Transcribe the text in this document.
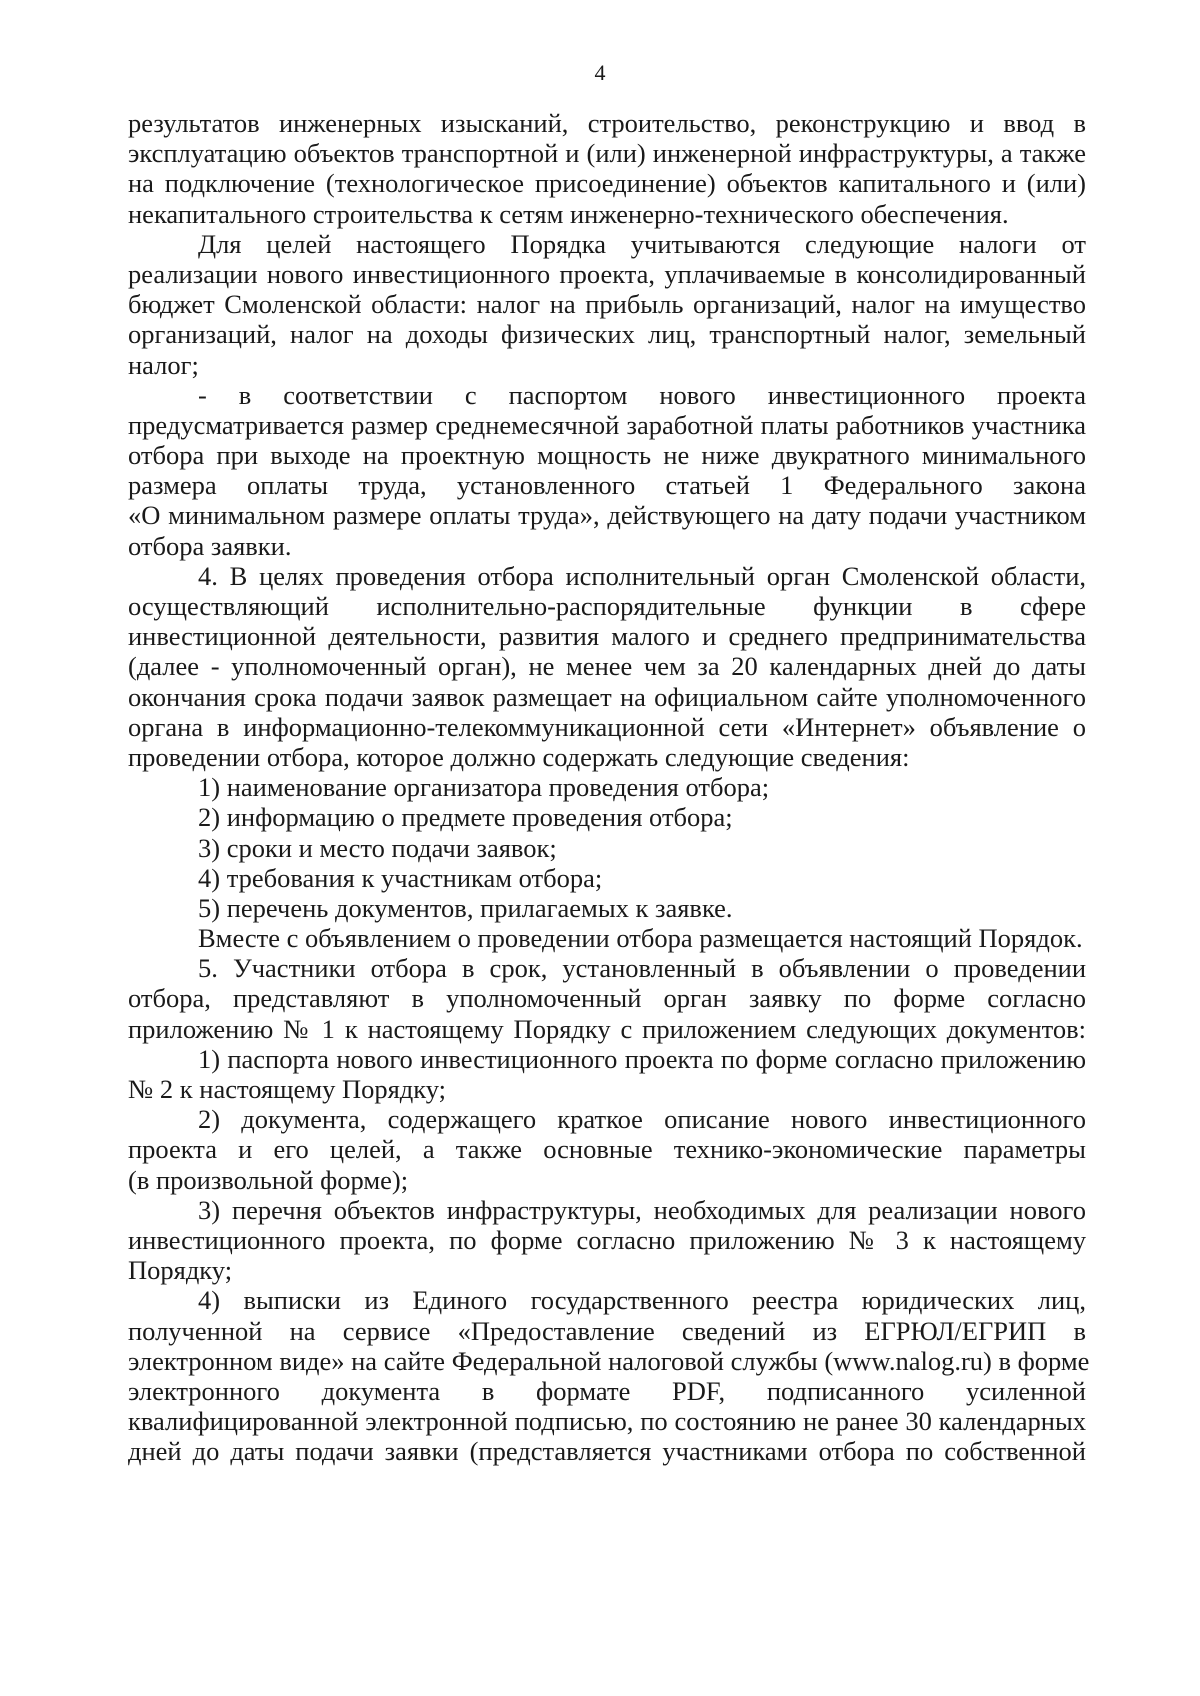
4
результатов инженерных изысканий, строительство, реконструкцию и ввод в
эксплуатацию объектов транспортной и (или) инженерной инфраструктуры, а также
на подключение (технологическое присоединение) объектов капитального и (или)
некапитального строительства к сетям инженерно-технического обеспечения.
Для целей настоящего Порядка учитываются следующие налоги от
реализации нового инвестиционного проекта, уплачиваемые в консолидированный
бюджет Смоленской области: налог на прибыль организаций, налог на имущество
организаций, налог на доходы физических лиц, транспортный налог, земельный
налог;
- в соответствии с паспортом нового инвестиционного проекта
предусматривается размер среднемесячной заработной платы работников участника
отбора при выходе на проектную мощность не ниже двукратного минимального
размера оплаты труда, установленного статьей 1 Федерального закона
«О минимальном размере оплаты труда», действующего на дату подачи участником
отбора заявки.
4. В целях проведения отбора исполнительный орган Смоленской области,
осуществляющий исполнительно-распорядительные функции в сфере
инвестиционной деятельности, развития малого и среднего предпринимательства
(далее - уполномоченный орган), не менее чем за 20 календарных дней до даты
окончания срока подачи заявок размещает на официальном сайте уполномоченного
органа в информационно-телекоммуникационной сети «Интернет» объявление о
проведении отбора, которое должно содержать следующие сведения:
1) наименование организатора проведения отбора;
2) информацию о предмете проведения отбора;
3) сроки и место подачи заявок;
4) требования к участникам отбора;
5) перечень документов, прилагаемых к заявке.
Вместе с объявлением о проведении отбора размещается настоящий Порядок.
5. Участники отбора в срок, установленный в объявлении о проведении
отбора, представляют в уполномоченный орган заявку по форме согласно
приложению № 1 к настоящему Порядку с приложением следующих документов:
1) паспорта нового инвестиционного проекта по форме согласно приложению
№ 2 к настоящему Порядку;
2) документа, содержащего краткое описание нового инвестиционного
проекта и его целей, а также основные технико-экономические параметры
(в произвольной форме);
3) перечня объектов инфраструктуры, необходимых для реализации нового
инвестиционного проекта, по форме согласно приложению № 3 к настоящему
Порядку;
4) выписки из Единого государственного реестра юридических лиц,
полученной на сервисе «Предоставление сведений из ЕГРЮЛ/ЕГРИП в
электронном виде» на сайте Федеральной налоговой службы (www.nalog.ru) в форме
электронного документа в формате PDF, подписанного усиленной
квалифицированной электронной подписью, по состоянию не ранее 30 календарных
дней до даты подачи заявки (представляется участниками отбора по собственной
